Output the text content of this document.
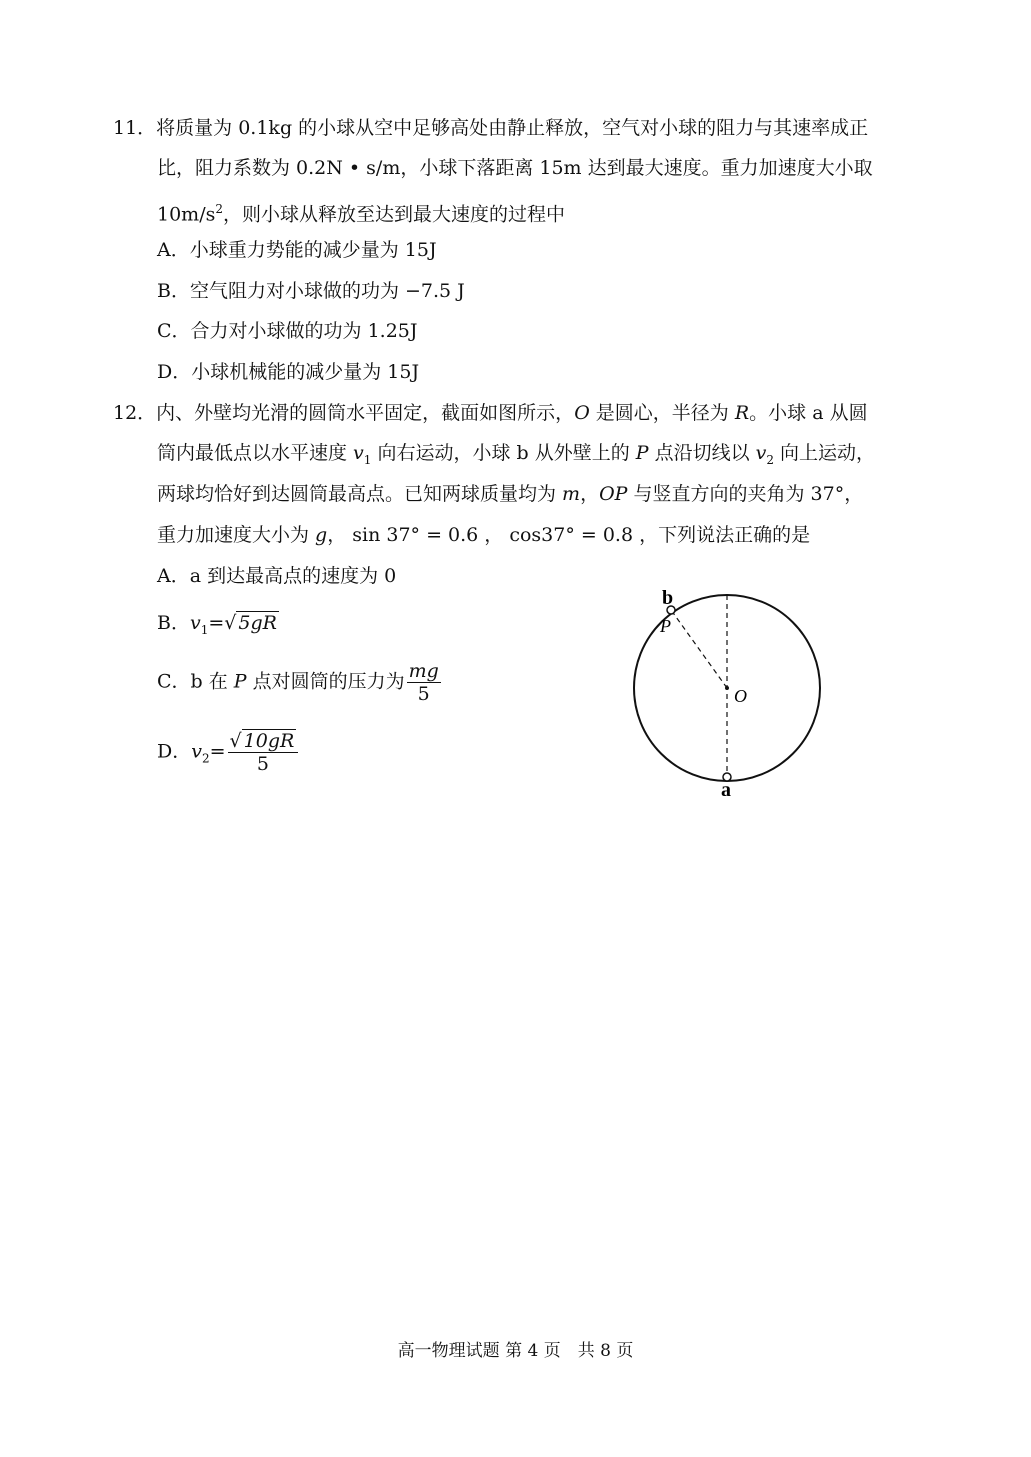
11．将质量为 0.1kg 的小球从空中足够高处由静止释放，空气对小球的阻力与其速率成正
比，阻力系数为 0.2N • s/m，小球下落距离 15m 达到最大速度。重力加速度大小取
$10m/s^2$，则小球从释放至达到最大速度的过程中
A．小球重力势能的减少量为 15J
B．空气阻力对小球做的功为 −7.5 J
C．合力对小球做的功为 1.25J
D．小球机械能的减少量为 15J
12．内、外壁均光滑的圆筒水平固定，截面如图所示，O 是圆心，半径为 R。小球 a 从圆
筒内最低点以水平速度 $v_1$ 向右运动，小球 b 从外壁上的 P 点沿切线以 $v_2$ 向上运动，
两球均恰好到达圆筒最高点。已知两球质量均为 m，OP 与竖直方向的夹角为 37°，
重力加速度大小为 g， sin 37° = 0.6 ， cos37° = 0.8 ，下列说法正确的是
A．a 到达最高点的速度为 0
B．$v_1=√$ 5gR
C．b 在 P 点对圆筒的压力为 $\frac{mg}{5}$
D．$v_2= \frac{√ 10gR}{5}$
b
P
O
a
高一物理试题 第 4 页　共 8 页
